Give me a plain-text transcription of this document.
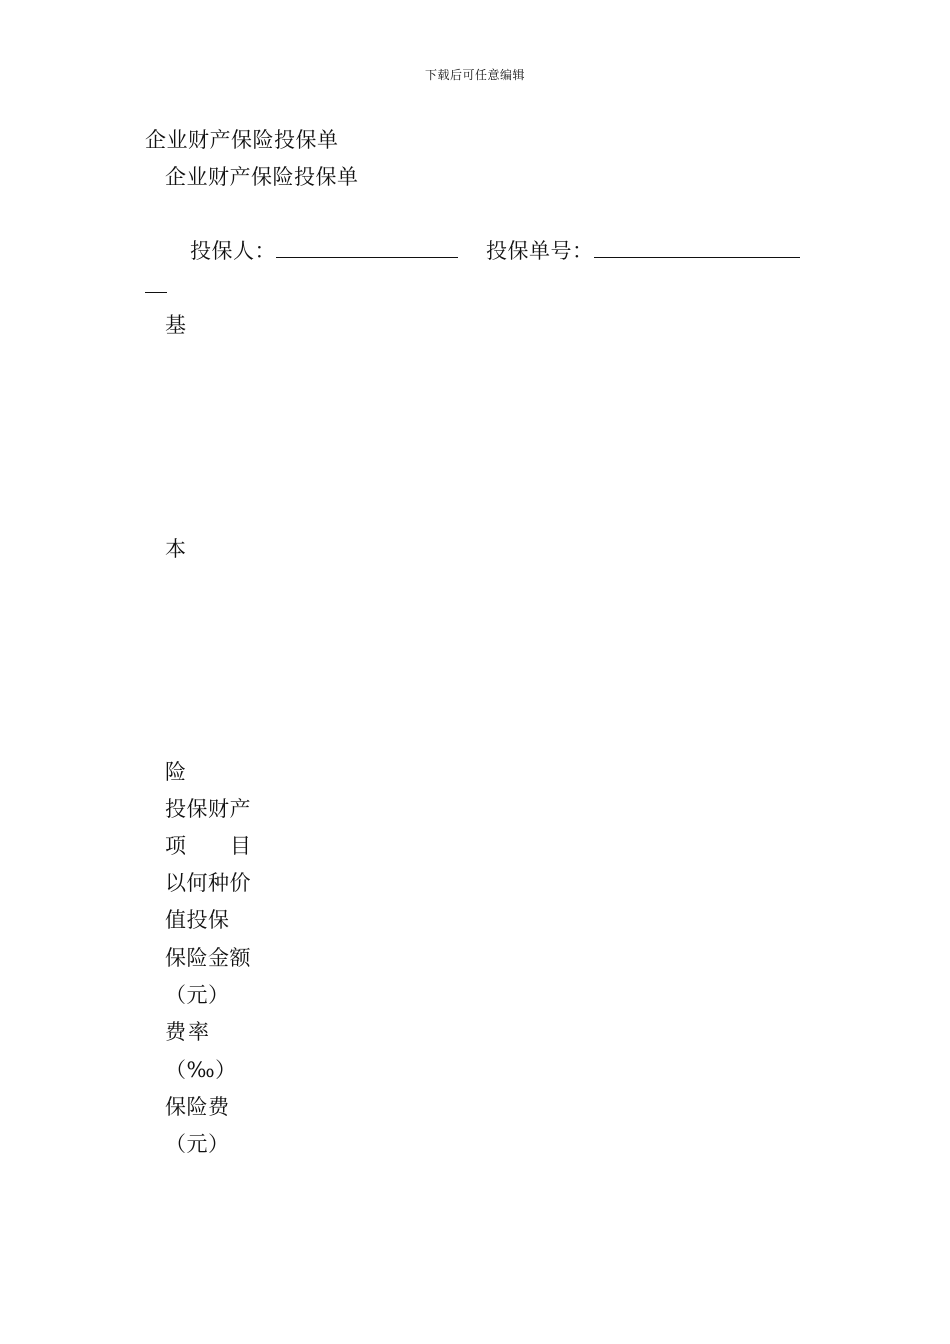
下载后可任意编辑
企业财产保险投保单
企业财产保险投保单
投保人：	投保单号：
基
本
险
投保财产
项目
以何种价
值投保
保险金额
（元）
费率
（‰）
保险费
（元）
